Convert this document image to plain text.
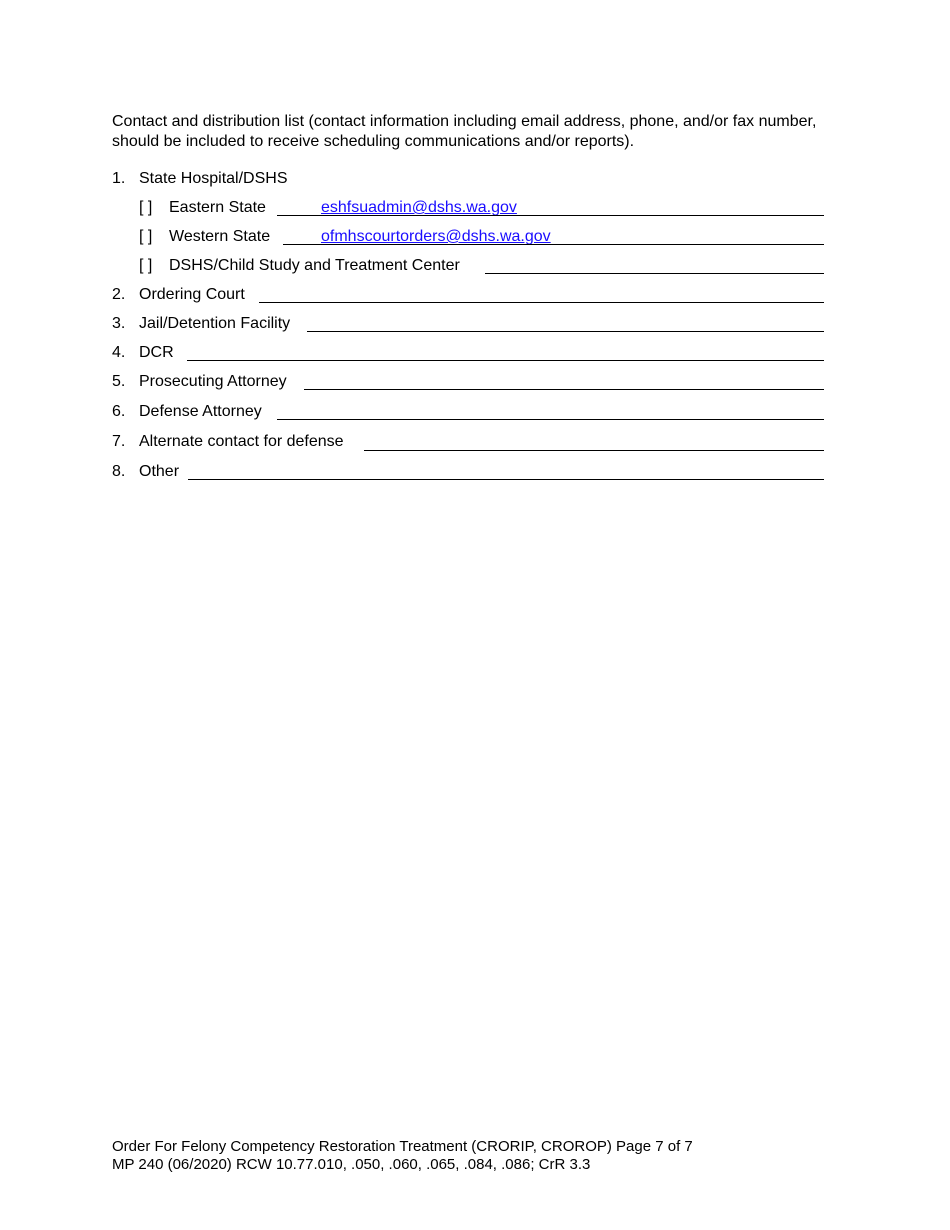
Contact and distribution list (contact information including email address, phone, and/or fax number, should be included to receive scheduling communications and/or reports).
1. State Hospital/DSHS
[ ] Eastern State	eshfsuadmin@dshs.wa.gov
[ ] Western State	ofmhscourtorders@dshs.wa.gov
[ ] DSHS/Child Study and Treatment Center
2. Ordering Court
3. Jail/Detention Facility
4. DCR
5. Prosecuting Attorney
6. Defense Attorney
7. Alternate contact for defense
8. Other
Order For Felony Competency Restoration Treatment (CRORIP, CROROP) Page 7 of 7
MP 240 (06/2020) RCW 10.77.010, .050, .060, .065, .084, .086; CrR 3.3
